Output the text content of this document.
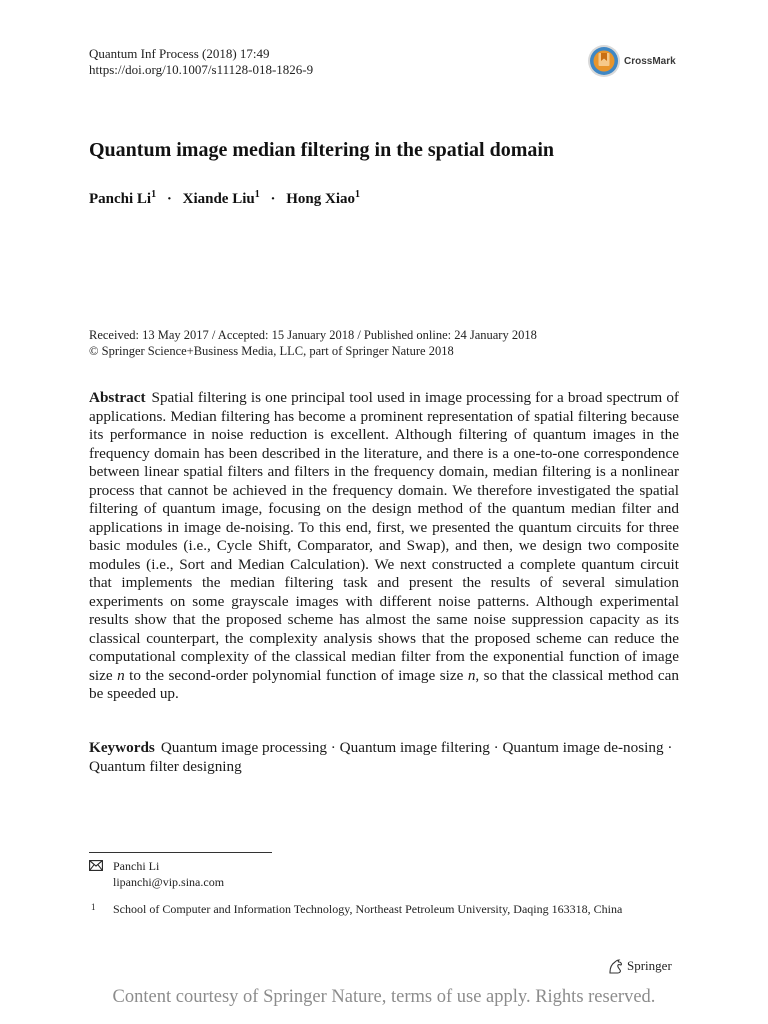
Quantum Inf Process (2018) 17:49
https://doi.org/10.1007/s11128-018-1826-9
CrossMark
Quantum image median filtering in the spatial domain
Panchi $Li^1$ · Xiande Liu$^1$ · Hong Xiao$^1$
Received: 13 May 2017 / Accepted: 15 January 2018 / Published online: 24 January 2018
© Springer Science+Business Media, LLC, part of Springer Nature 2018
Abstract Spatial filtering is one principal tool used in image processing for a broad spectrum of applications. Median filtering has become a prominent representation of spatial filtering because its performance in noise reduction is excellent. Although filtering of quantum images in the frequency domain has been described in the literature, and there is a one-to-one correspondence between linear spatial filters and filters in the frequency domain, median filtering is a nonlinear process that cannot be achieved in the frequency domain. We therefore investigated the spatial filtering of quantum image, focusing on the design method of the quantum median filter and applications in image de-noising. To this end, first, we presented the quantum circuits for three basic modules (i.e., Cycle Shift, Comparator, and Swap), and then, we design two composite modules (i.e., Sort and Median Calculation). We next constructed a complete quantum circuit that implements the median filtering task and present the results of several simulation experiments on some grayscale images with different noise patterns. Although experimental results show that the proposed scheme has almost the same noise suppression capacity as its classical counterpart, the complexity analysis shows that the proposed scheme can reduce the computational complexity of the classical median filter from the exponential function of image size n to the second-order polynomial function of image size n, so that the classical method can be speeded up.
Keywords Quantum image processing · Quantum image filtering · Quantum image de-nosing · Quantum filter designing
Panchi Li
lipanchi@vip.sina.com
1 School of Computer and Information Technology, Northeast Petroleum University, Daqing 163318, China
Springer
Content courtesy of Springer Nature, terms of use apply. Rights reserved.
